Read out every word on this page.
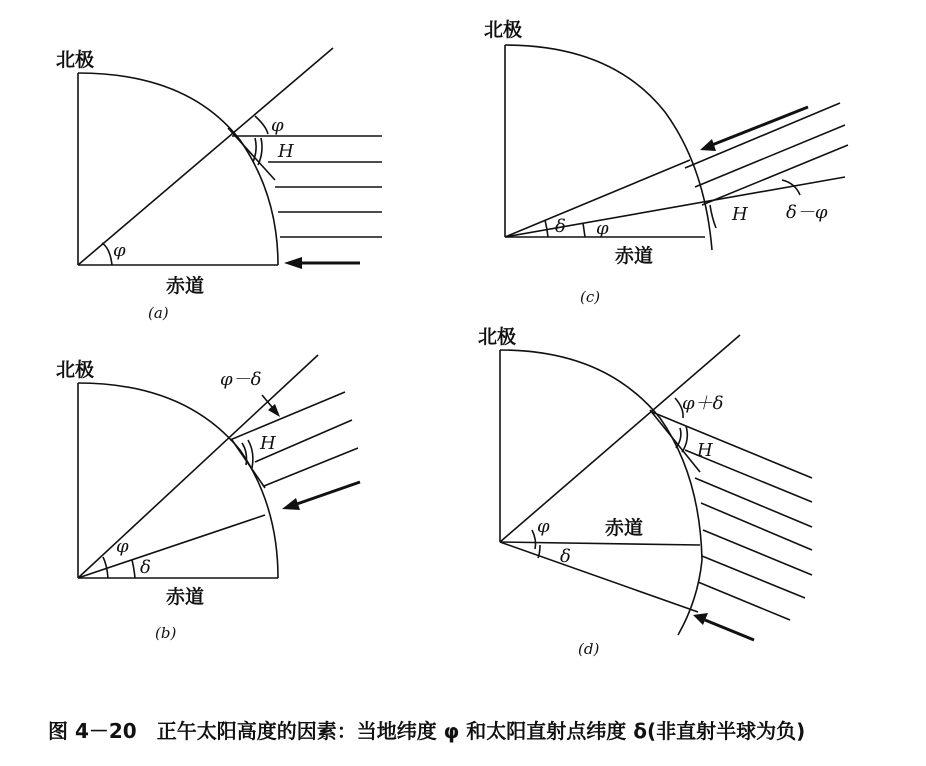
北极
赤道
φ
φ
H
(a)
北极
赤道
φ
δ
H
φ－δ
(b)
北极
赤道
δ φ
H δ－φ
(c)
北极
赤道
φ
δ
H
φ＋δ
(d)
图 4－20　正午太阳高度的因素：当地纬度 φ 和太阳直射点纬度 δ(非直射半球为负)
